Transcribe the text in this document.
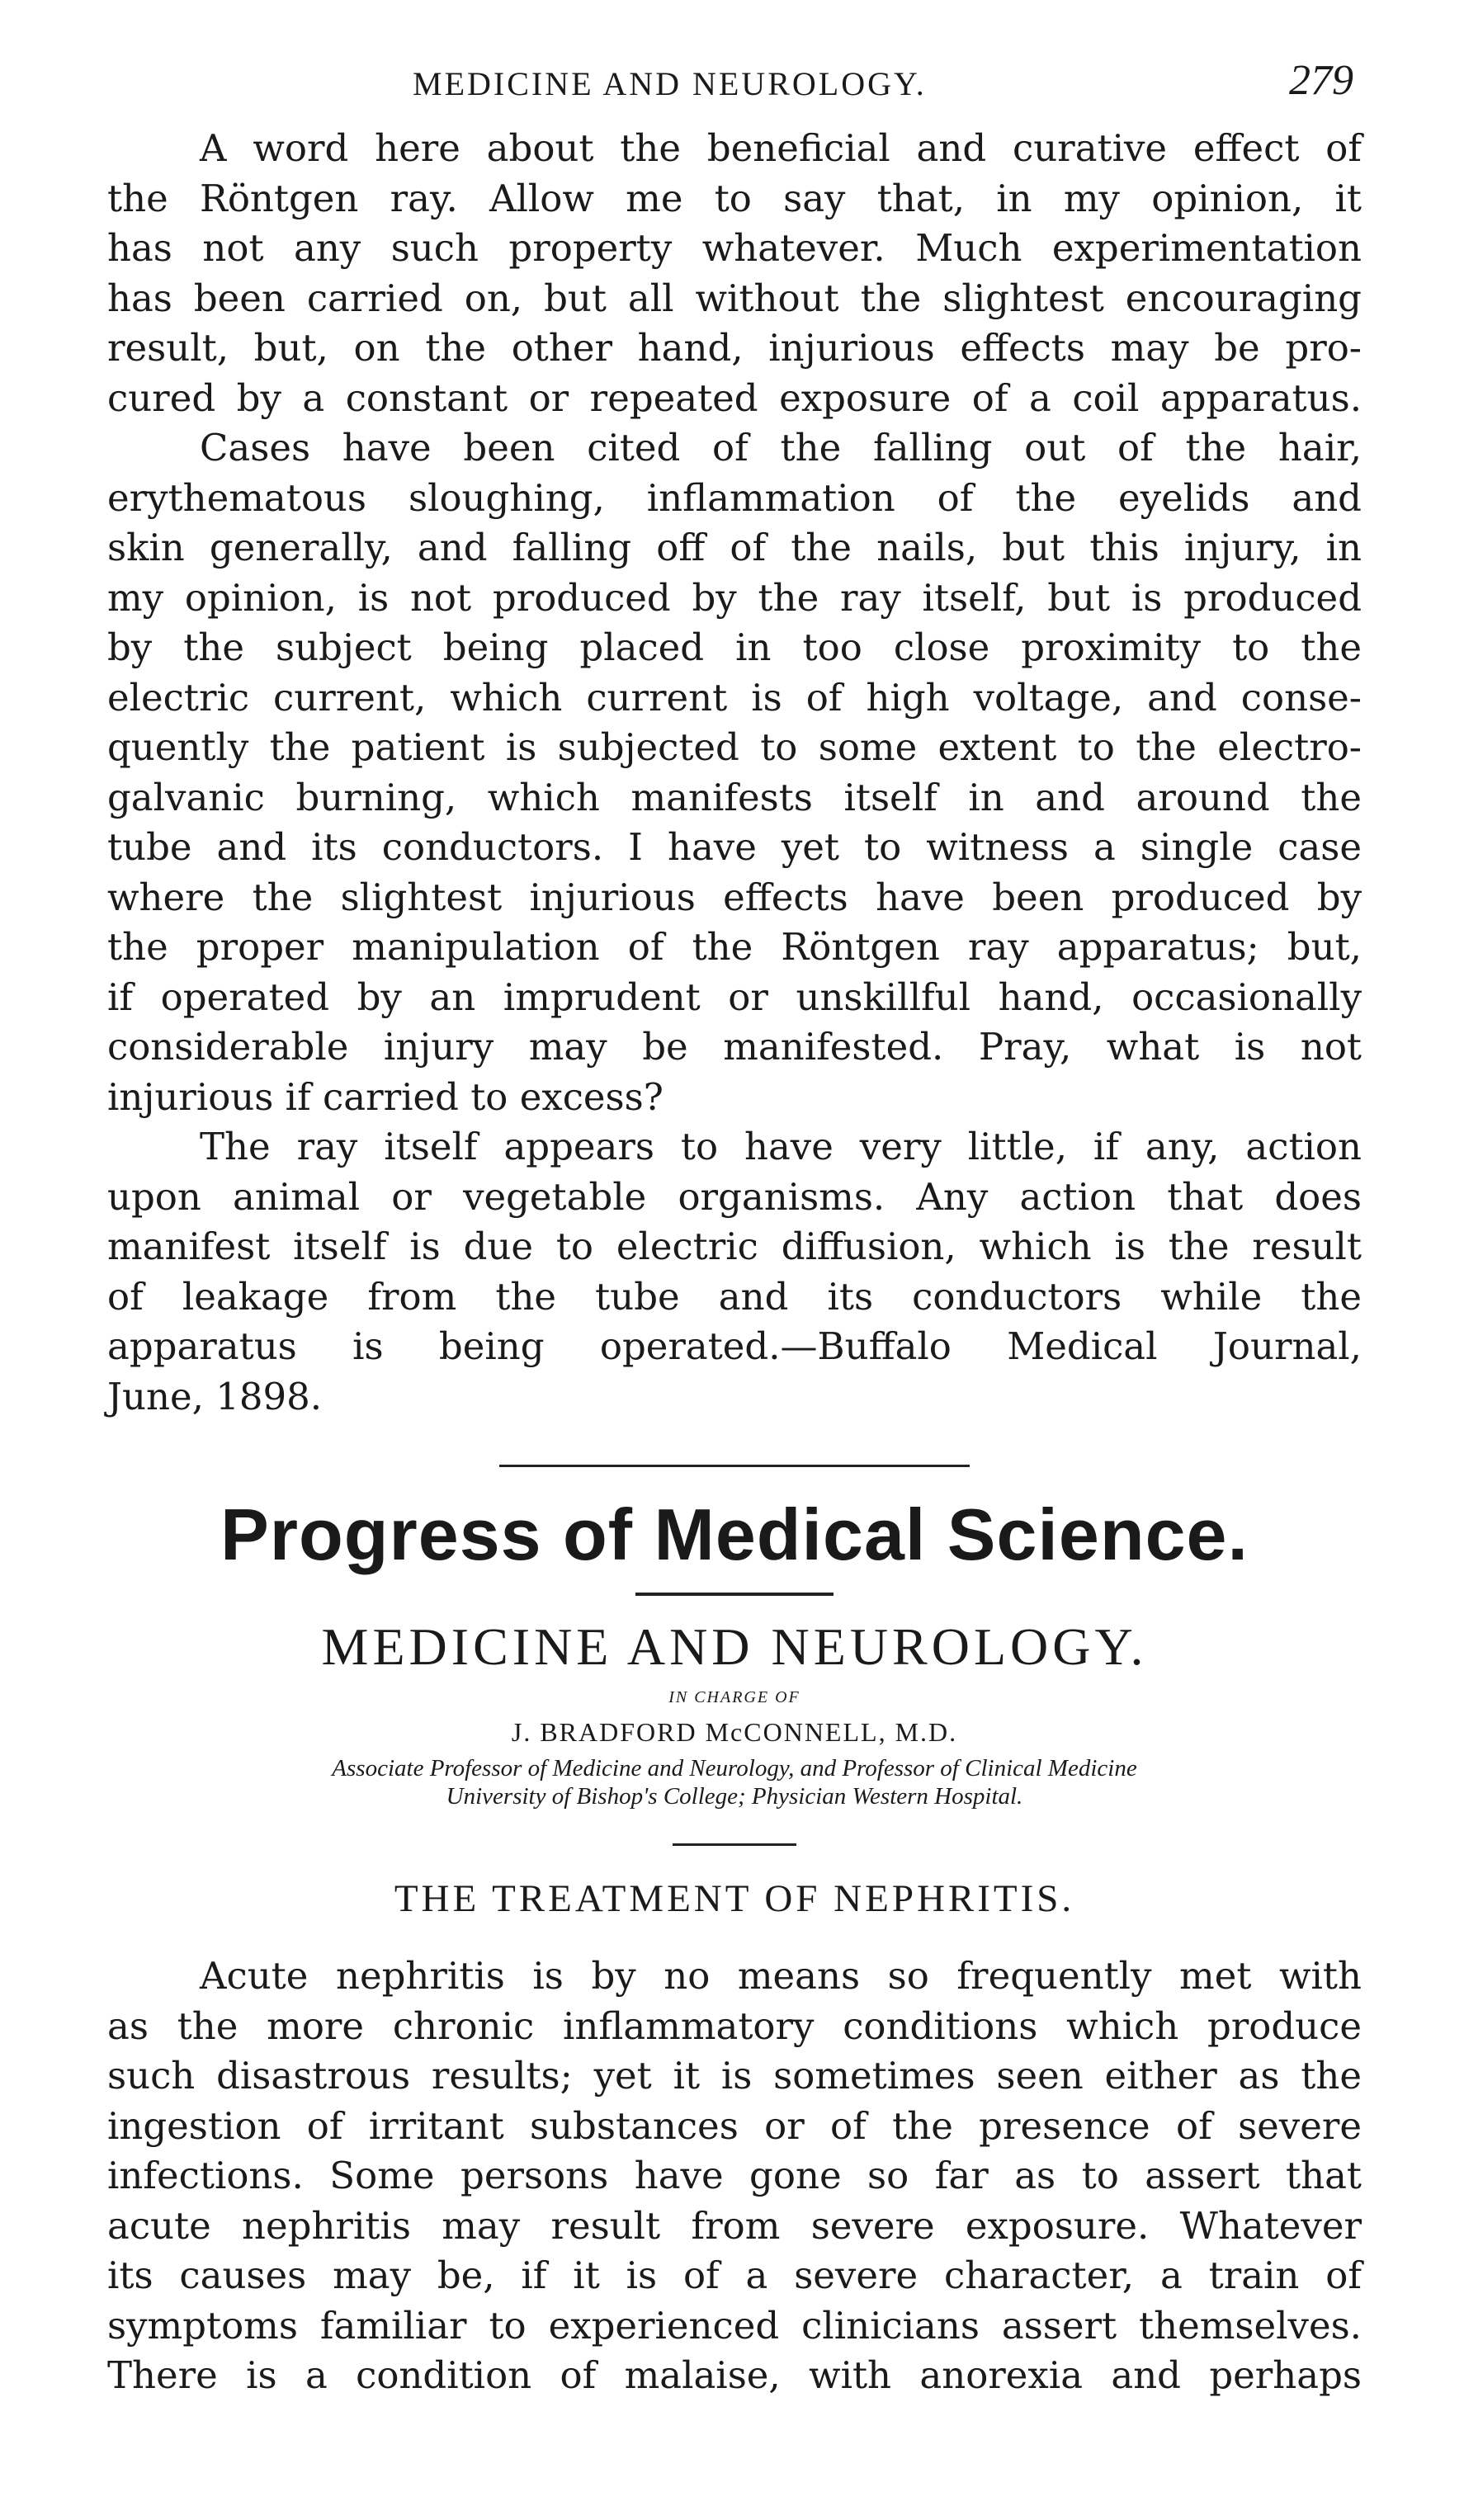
MEDICINE AND NEUROLOGY.	279

A word here about the beneficial and curative effect of
the Röntgen ray. Allow me to say that, in my opinion, it
has not any such property whatever. Much experimentation
has been carried on, but all without the slightest encouraging
result, but, on the other hand, injurious effects may be pro-
cured by a constant or repeated exposure of a coil apparatus.

Cases have been cited of the falling out of the hair,
erythematous sloughing, inflammation of the eyelids and
skin generally, and falling off of the nails, but this injury, in
my opinion, is not produced by the ray itself, but is produced
by the subject being placed in too close proximity to the
electric current, which current is of high voltage, and conse-
quently the patient is subjected to some extent to the electro-
galvanic burning, which manifests itself in and around the
tube and its conductors. I have yet to witness a single case
where the slightest injurious effects have been produced by
the proper manipulation of the Röntgen ray apparatus; but,
if operated by an imprudent or unskillful hand, occasionally
considerable injury may be manifested. Pray, what is not
injurious if carried to excess?

The ray itself appears to have very little, if any, action
upon animal or vegetable organisms. Any action that does
manifest itself is due to electric diffusion, which is the result
of leakage from the tube and its conductors while the
apparatus is being operated.—Buffalo Medical Journal,
June, 1898.

Progress of Medical Science.
MEDICINE AND NEUROLOGY.
IN CHARGE OF
J. BRADFORD McCONNELL, M.D.
Associate Professor of Medicine and Neurology, and Professor of Clinical Medicine
University of Bishop's College; Physician Western Hospital.
THE TREATMENT OF NEPHRITIS.

Acute nephritis is by no means so frequently met with
as the more chronic inflammatory conditions which produce
such disastrous results; yet it is sometimes seen either as the
ingestion of irritant substances or of the presence of severe
infections. Some persons have gone so far as to assert that
acute nephritis may result from severe exposure. Whatever
its causes may be, if it is of a severe character, a train of
symptoms familiar to experienced clinicians assert themselves.
There is a condition of malaise, with anorexia and perhaps
